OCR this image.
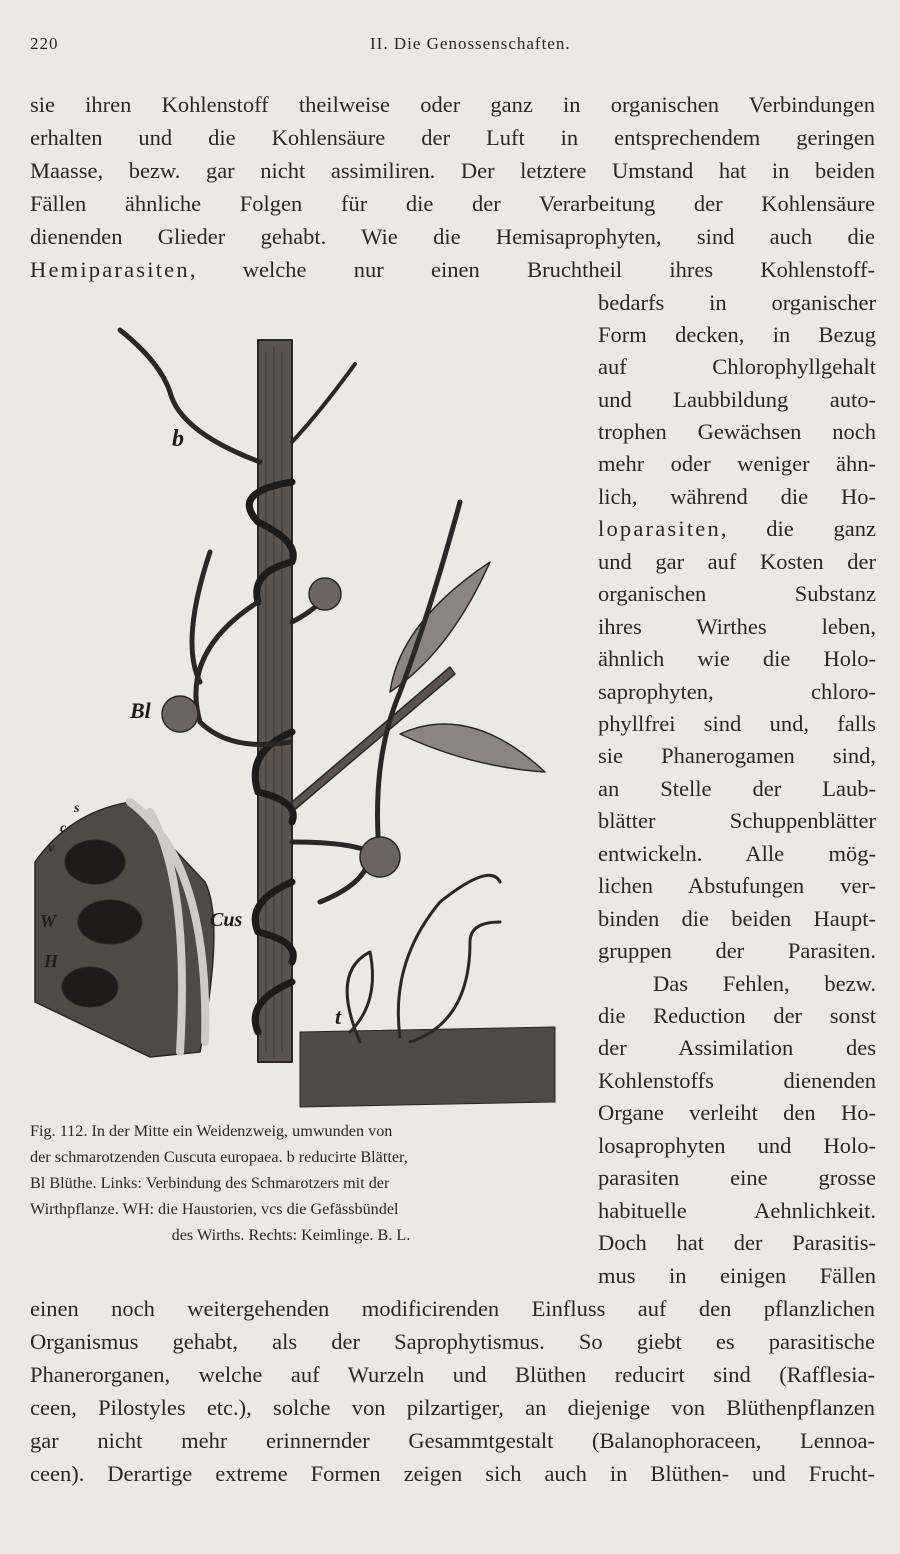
220	II. Die Genossenschaften.
sie ihren Kohlenstoff theilweise oder ganz in organischen Verbindungen
erhalten und die Kohlensäure der Luft in entsprechendem geringen
Maasse, bezw. gar nicht assimiliren. Der letztere Umstand hat in beiden
Fällen ähnliche Folgen für die der Verarbeitung der Kohlensäure
dienenden Glieder gehabt. Wie die Hemisaprophyten, sind auch die
Hemiparasiten, welche nur einen Bruchtheil ihres Kohlenstoff-
bedarfs in organischer
Form decken, in Bezug
auf Chlorophyllgehalt
und Laubbildung auto-
trophen Gewächsen noch
mehr oder weniger ähn-
lich, während die Ho-
loparasiten, die ganz
und gar auf Kosten der
organischen Substanz
ihres Wirthes leben,
ähnlich wie die Holo-
saprophyten, chloro-
phyllfrei sind und, falls
sie Phanerogamen sind,
an Stelle der Laub-
blätter Schuppenblätter
entwickeln. Alle mög-
lichen Abstufungen ver-
binden die beiden Haupt-
gruppen der Parasiten.
Das Fehlen, bezw.
die Reduction der sonst
der Assimilation des
Kohlenstoffs dienenden
Organe verleiht den Ho-
losaprophyten und Holo-
parasiten eine grosse
habituelle Aehnlichkeit.
Doch hat der Parasitis-
mus in einigen Fällen
einen noch weitergehenden modificirenden Einfluss auf den pflanzlichen
Organismus gehabt, als der Saprophytismus. So giebt es parasitische
Phanerorganen, welche auf Wurzeln und Blüthen reducirt sind (Rafflesia-
ceen, Pilostyles etc.), solche von pilzartiger, an diejenige von Blüthenpflanzen
gar nicht mehr erinnernder Gesammtgestalt (Balanophoraceen, Lennoa-
ceen). Derartige extreme Formen zeigen sich auch in Blüthen- und Frucht-
b
Bl
Cus
t
s
c
v
W
H

Fig. 112. In der Mitte ein Weidenzweig, umwunden von

der schmarotzenden Cuscuta europaea. b reducirte Blätter,

Bl Blüthe. Links: Verbindung des Schmarotzers mit der

Wirthpflanze. WH: die Haustorien, vcs die Gefässbündel

des Wirths. Rechts: Keimlinge. B. L.
